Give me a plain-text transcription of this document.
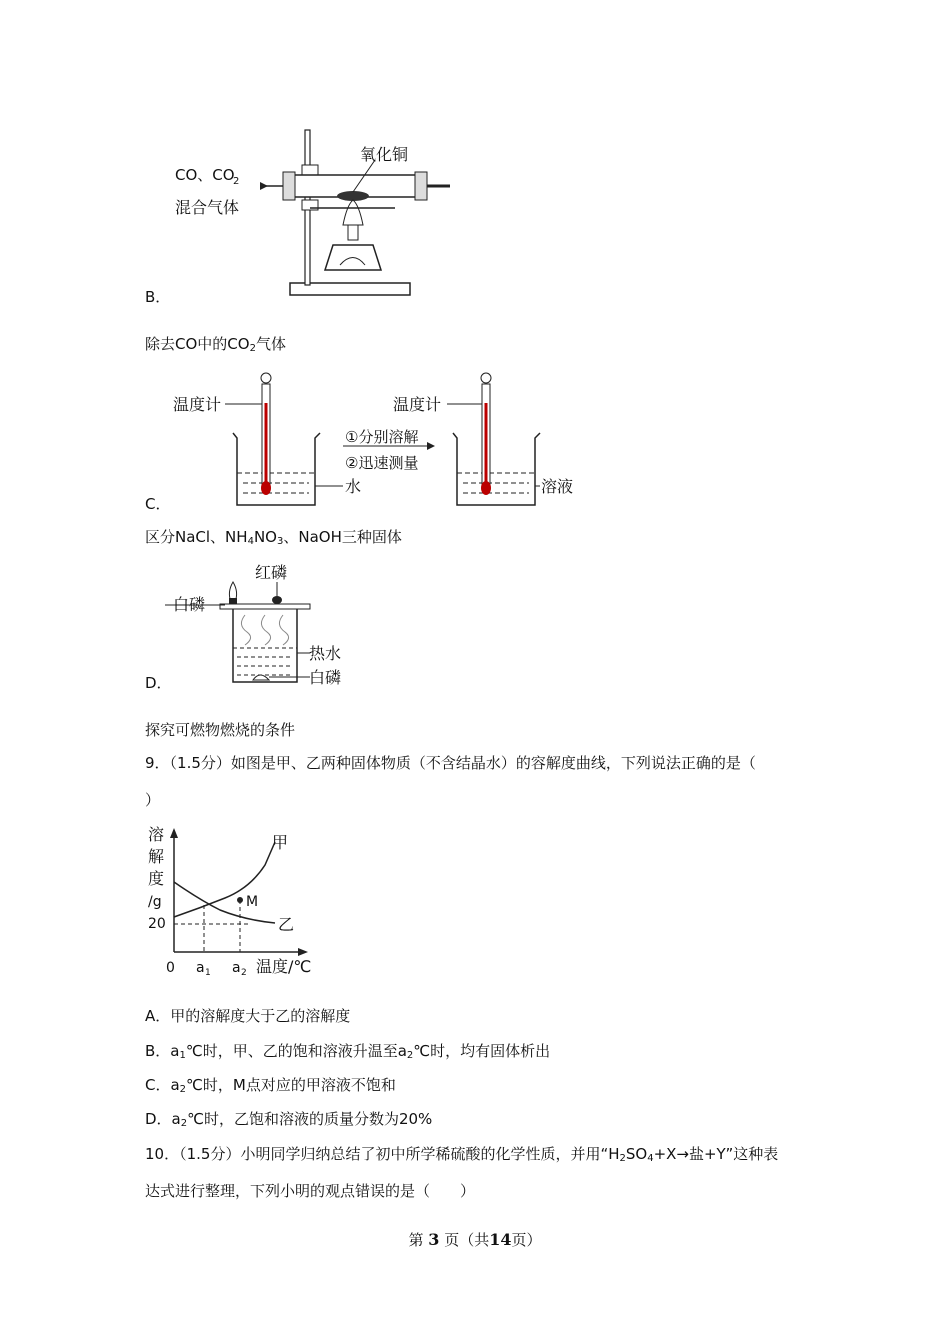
B．
CO、CO
2
混合气体
氧化铜
除去CO中的$CO_2$气体
C．
温度计	温度计
①分别溶解
②迅速测量
水	溶液
区分NaCl、$NH_4NO_3$、NaOH三种固体
D．
红磷
白磷
热水
白磷
探究可燃物燃烧的条件
9．（1.5分）如图是甲、乙两种固体物质（不含结晶水）的容解度曲线，下列说法正确的是（
）
溶
解
度
/g
20
0 a 1 a 2 温度/℃
甲
乙
M
A．甲的溶解度大于乙的溶解度
B．$a_1℃$时，甲、乙的饱和溶液升温至$a_2℃$时，均有固体析出
C．$a_2℃$时，M点对应的甲溶液不饱和
D．$a_2℃$时，乙饱和溶液的质量分数为20%
10．（1.5分）小明同学归纳总结了初中所学稀硫酸的化学性质，并用“$H_2SO_4+X\to$盐+Y”这种表
达式进行整理，下列小明的观点错误的是（　　）
第 3 页（共14页）
